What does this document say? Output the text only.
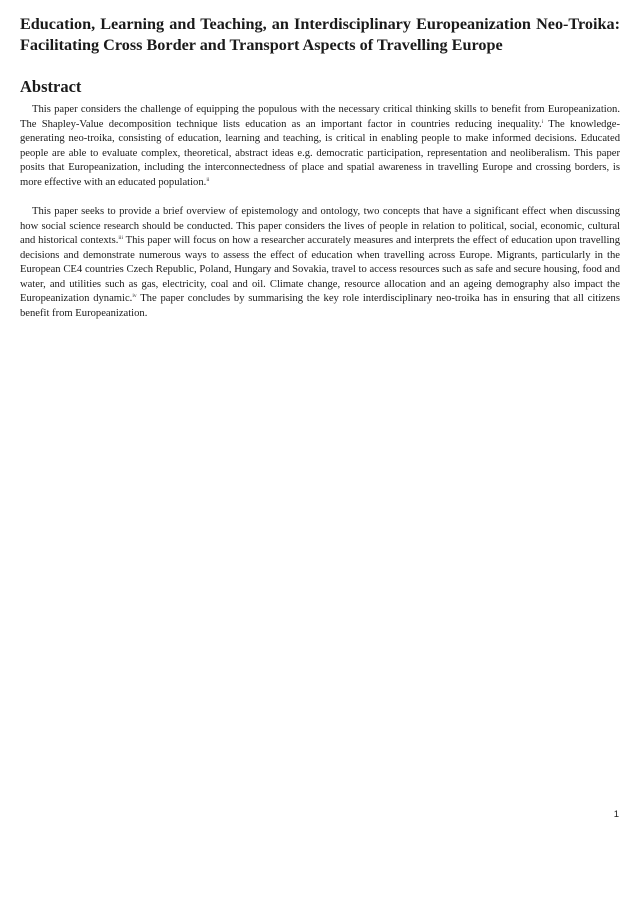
Education, Learning and Teaching, an Interdisciplinary Europeanization Neo-Troika: Facilitating Cross Border and Transport Aspects of Travelling Europe
Abstract

This paper considers the challenge of equipping the populous with the necessary critical thinking skills to benefit from Europeanization. The Shapley-Value decomposition technique lists education as an important factor in countries reducing inequality.$^i$ The knowledge-generating neo-troika, consisting of education, learning and teaching, is critical in enabling people to make informed decisions. Educated people are able to evaluate complex, theoretical, abstract ideas e.g. democratic participation, representation and neoliberalism. This paper posits that Europeanization, including the interconnectedness of place and spatial awareness in travelling Europe and crossing borders, is more effective with an educated population.$^{ii}$

This paper seeks to provide a brief overview of epistemology and ontology, two concepts that have a significant effect when discussing how social science research should be conducted. This paper considers the lives of people in relation to political, social, economic, cultural and historical contexts.$^{iii}$ This paper will focus on how a researcher accurately measures and interprets the effect of education upon travelling decisions and demonstrate numerous ways to assess the effect of education when travelling across Europe. Migrants, particularly in the European CE4 countries Czech Republic, Poland, Hungary and Sovakia, travel to access resources such as safe and secure housing, food and water, and utilities such as gas, electricity, coal and oil. Climate change, resource allocation and an ageing demography also impact the Europeanization dynamic.$^{iv}$ The paper concludes by summarising the key role interdisciplinary neo-troika has in ensuring that all citizens benefit from Europeanization.

1
